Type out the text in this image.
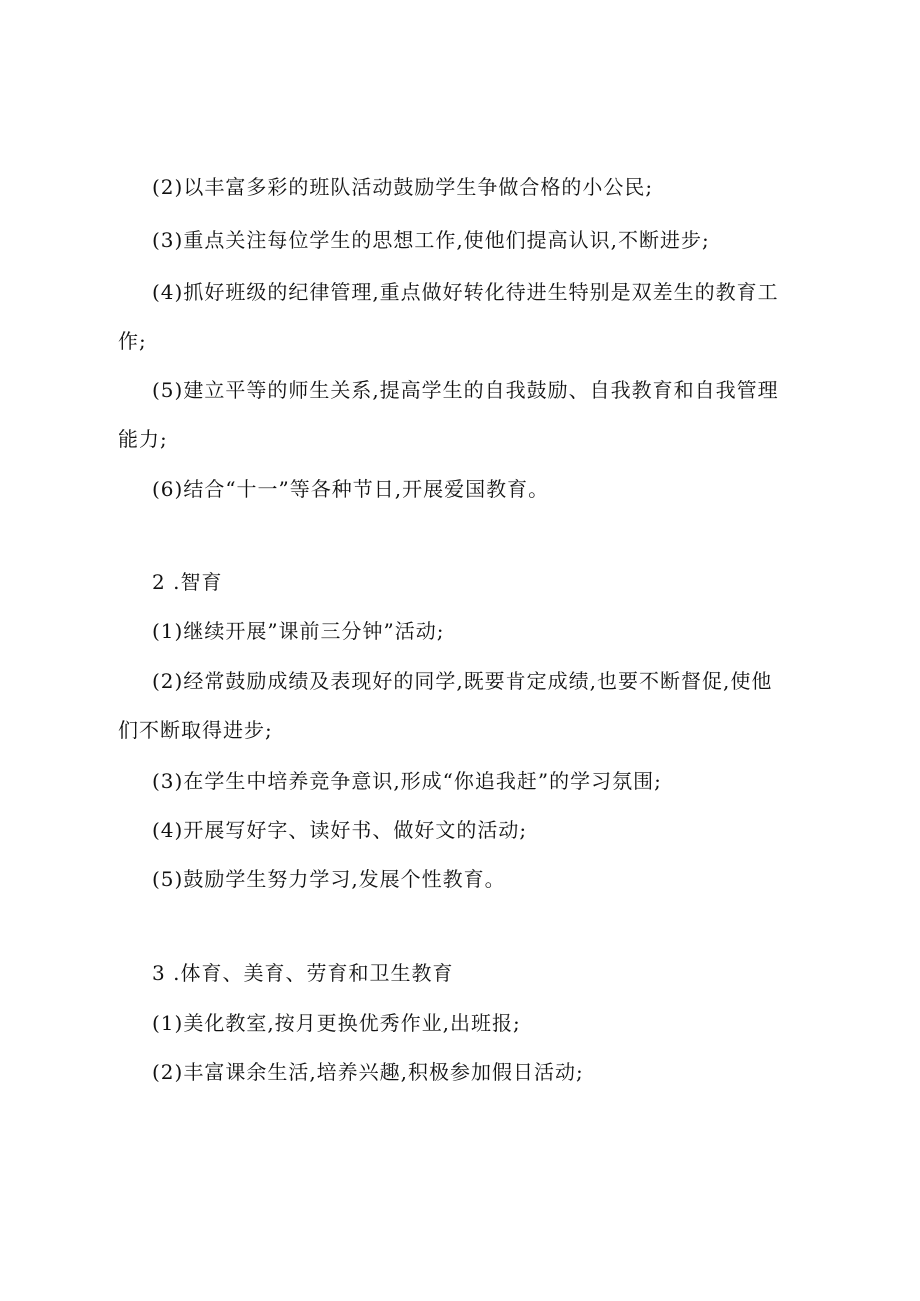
(2)以丰富多彩的班队活动鼓励学生争做合格的小公民;
(3)重点关注每位学生的思想工作,使他们提高认识,不断进步;
(4)抓好班级的纪律管理,重点做好转化待进生特别是双差生的教育工
作;
(5)建立平等的师生关系,提高学生的自我鼓励、自我教育和自我管理
能力;
(6)结合“十一”等各种节日,开展爱国教育。
2 .智育
(1)继续开展”课前三分钟”活动;
(2)经常鼓励成绩及表现好的同学,既要肯定成绩,也要不断督促,使他
们不断取得进步;
(3)在学生中培养竞争意识,形成“你追我赶”的学习氛围;
(4)开展写好字、读好书、做好文的活动;
(5)鼓励学生努力学习,发展个性教育。
3 .体育、美育、劳育和卫生教育
(1)美化教室,按月更换优秀作业,出班报;
(2)丰富课余生活,培养兴趣,积极参加假日活动;
